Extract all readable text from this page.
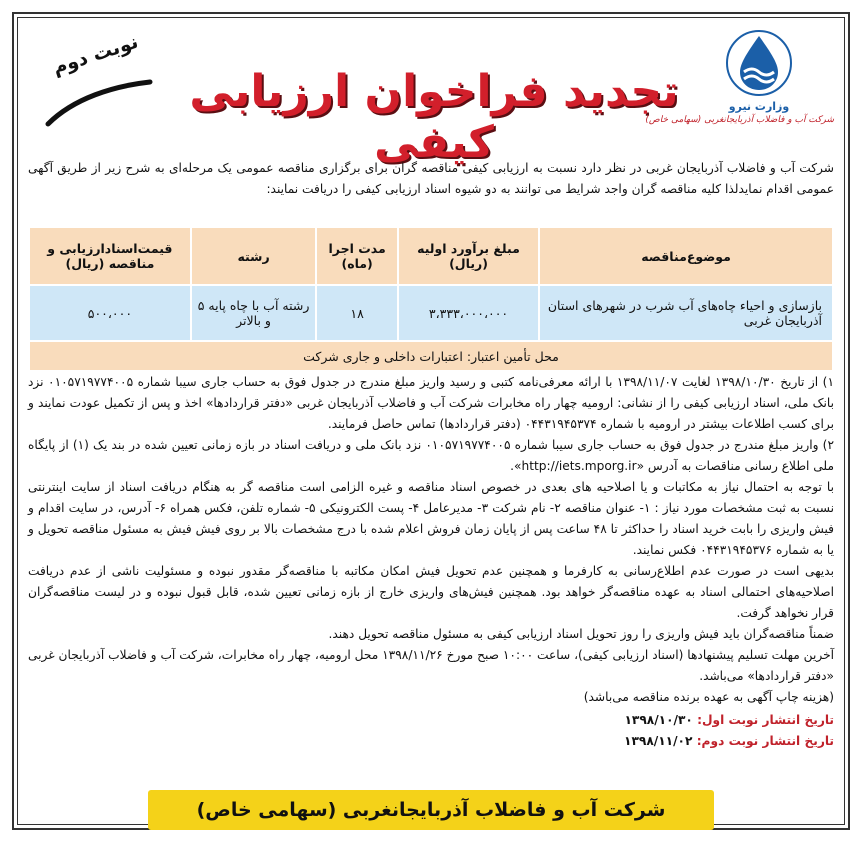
نوبت دوم
تجدید فراخوان ارزیابی کیفی
وزارت نیرو
شرکت آب و فاضلاب آذربایجانغربی (سهامی خاص)
شرکت آب و فاضلاب آذربایجان غربی در نظر دارد نسبت به ارزیابی کیفی مناقصه گران برای برگزاری مناقصه عمومی یک مرحله‌ای به شرح زیر از طریق آگهی عمومی اقدام نمایدلذا کلیه مناقصه گران واجد شرایط می توانند به دو شیوه اسناد ارزیابی کیفی را دریافت نمایند:
موضوع‌مناقصه	مبلغ برآورد اولیه (ریال)	مدت اجرا (ماه)	رشته	قیمت‌اسناد‌ارزیابی و مناقصه (ریال)
بازسازی و احیاء چاه‌های آب شرب در شهرهای استان آذربایجان غربی	۳،۳۳۳،۰۰۰،۰۰۰	۱۸	رشته آب با چاه پایه ۵ و بالاتر	۵۰۰،۰۰۰
محل تأمین اعتبار: اعتبارات داخلی و جاری شرکت				

۱) از تاریخ ۱۳۹۸/۱۰/۳۰ لغایت ۱۳۹۸/۱۱/۰۷ با ارائه معرفی‌نامه کتبی و رسید واریز مبلغ مندرج در جدول فوق به حساب جاری سیبا شماره ۰۱۰۵۷۱۹۷۷۴۰۰۵ نزد بانک ملی، اسناد ارزیابی کیفی را از نشانی: ارومیه چهار راه مخابرات شرکت آب و فاضلاب آذربایجان غربی «دفتر قراردادها» اخذ و پس از تکمیل عودت نمایند و برای کسب اطلاعات بیشتر در ارومیه با شماره ۰۴۴۳۱۹۴۵۳۷۴ (دفتر قراردادها) تماس حاصل فرمایند.

۲) واریز مبلغ مندرج در جدول فوق به حساب جاری سیبا شماره ۰۱۰۵۷۱۹۷۷۴۰۰۵ نزد بانک ملی و دریافت اسناد در بازه زمانی تعیین شده در بند یک (۱) از پایگاه ملی اطلاع رسانی مناقصات به آدرس «http://iets.mporg.ir».

با توجه به احتمال نیاز به مکاتبات و یا اصلاحیه های بعدی در خصوص اسناد مناقصه و غیره الزامی است مناقصه گر به هنگام دریافت اسناد از سایت اینترنتی نسبت به ثبت مشخصات مورد نیاز : ۱- عنوان مناقصه ۲- نام شرکت ۳- مدیرعامل ۴- پست الکترونیکی ۵- شماره تلفن، فکس همراه ۶- آدرس، در سایت اقدام و فیش واریزی را بابت خرید اسناد را حداکثر تا ۴۸ ساعت پس از پایان زمان فروش اعلام شده با درج مشخصات بالا بر روی فیش فیش به مسئول مناقصه تحویل و یا به شماره ۰۴۴۳۱۹۴۵۳۷۶ فکس نمایند.

بدیهی است در صورت عدم اطلاع‌رسانی به کارفرما و همچنین عدم تحویل فیش امکان مکاتبه با مناقصه‌گر مقدور نبوده و مسئولیت ناشی از عدم دریافت اصلاحیه‌های احتمالی اسناد به عهده مناقصه‌گر خواهد بود. همچنین فیش‌های واریزی خارج از بازه زمانی تعیین شده، قابل قبول نبوده و در لیست مناقصه‌گران قرار نخواهد گرفت.

ضمناً مناقصه‌گران باید فیش واریزی را روز تحویل اسناد ارزیابی کیفی به مسئول مناقصه تحویل دهند.

آخرین مهلت تسلیم پیشنهادها (اسناد ارزیابی کیفی)، ساعت ۱۰:۰۰ صبح مورخ ۱۳۹۸/۱۱/۲۶ محل ارومیه، چهار راه مخابرات، شرکت آب و فاضلاب آذربایجان غربی «دفتر قراردادها» می‌باشد.

(هزینه چاپ آگهی به عهده برنده مناقصه می‌باشد)

تاریخ انتشار نوبت اول: ۱۳۹۸/۱۰/۳۰
تاریخ انتشار نوبت دوم: ۱۳۹۸/۱۱/۰۲
شرکت آب و فاضلاب آذربایجانغربی (سهامی خاص)
